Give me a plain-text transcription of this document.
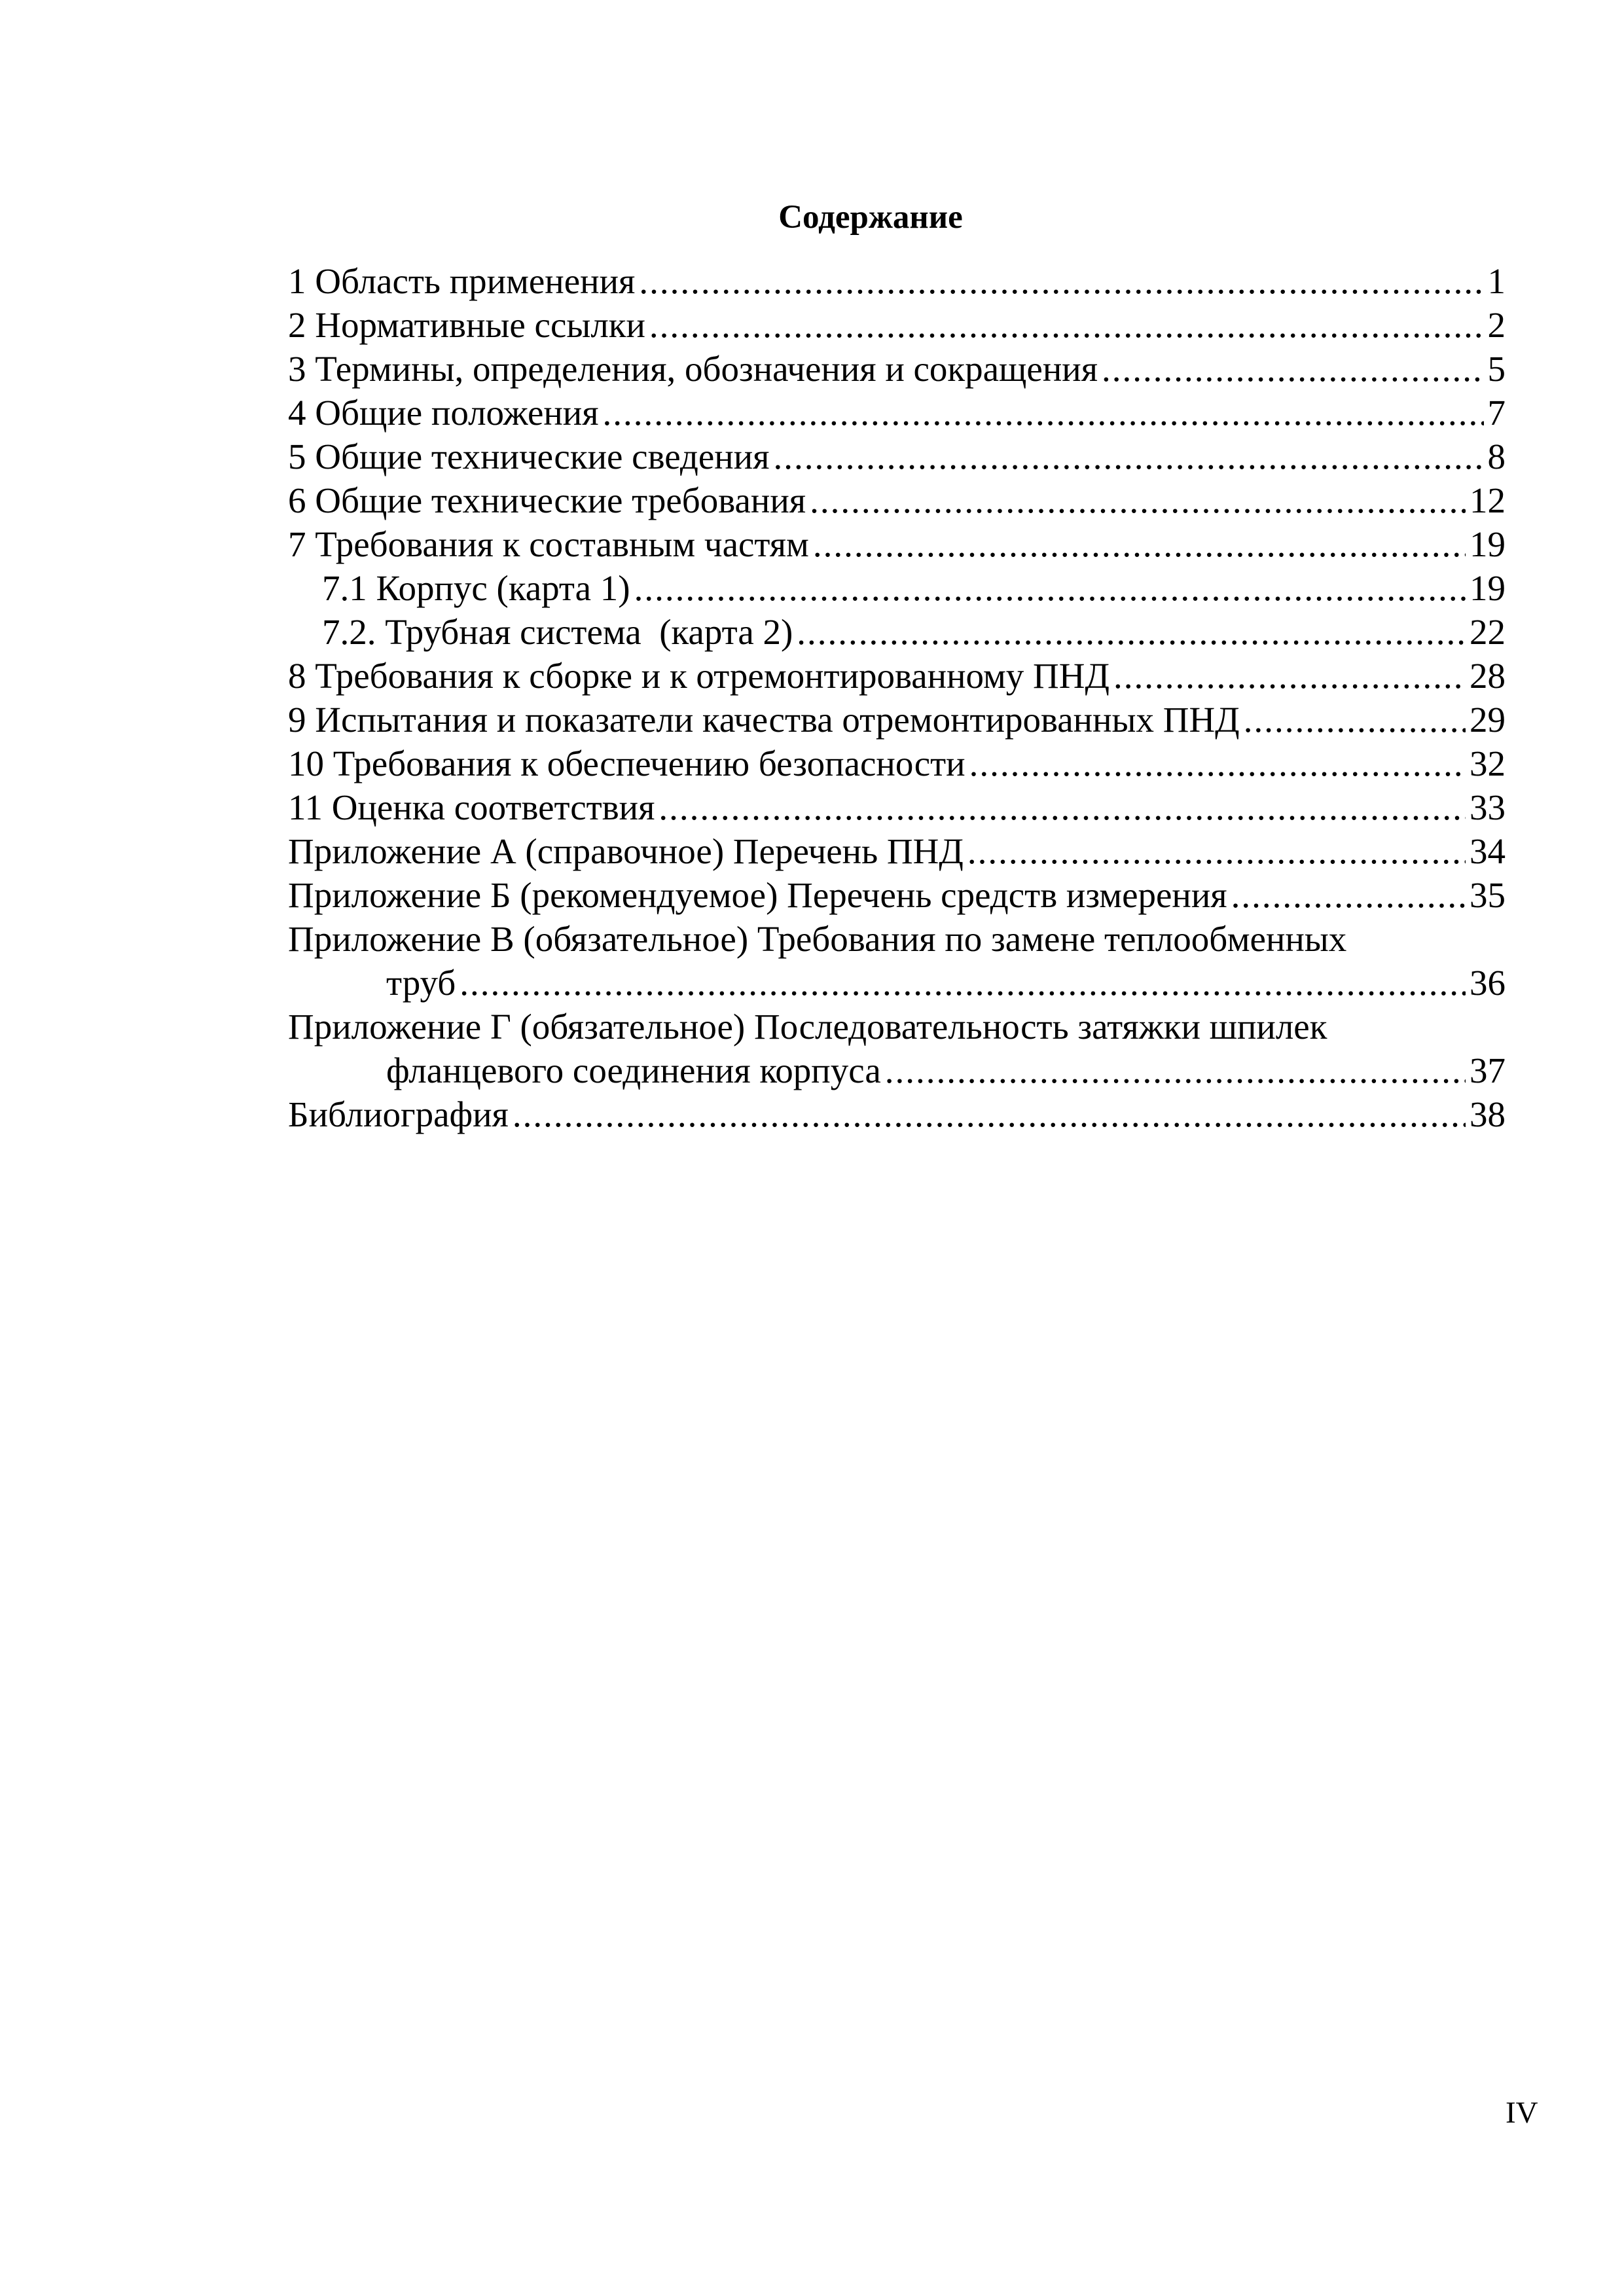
Содержание
1 Область применения .....	1
2 Нормативные ссылки .....	2
3 Термины, определения, обозначения и сокращения .....	5
4 Общие положения .....	7
5 Общие технические сведения .....	8
6 Общие технические требования .....	12
7 Требования к составным частям .....	19
7.1 Корпус (карта 1) .....	19
7.2. Трубная система  (карта 2) .....	22
8 Требования к сборке и к отремонтированному ПНД .....	28
9 Испытания и показатели качества отремонтированных ПНД .....	29
10 Требования к обеспечению безопасности .....	32
11 Оценка соответствия .....	33
Приложение А (справочное) Перечень ПНД .....	34
Приложение Б (рекомендуемое) Перечень средств измерения .....	35
Приложение В (обязательное) Требования по замене теплообменных
труб .....	36
Приложение Г (обязательное) Последовательность затяжки шпилек
фланцевого соединения корпуса .....	37
Библиография .....	38
IV
